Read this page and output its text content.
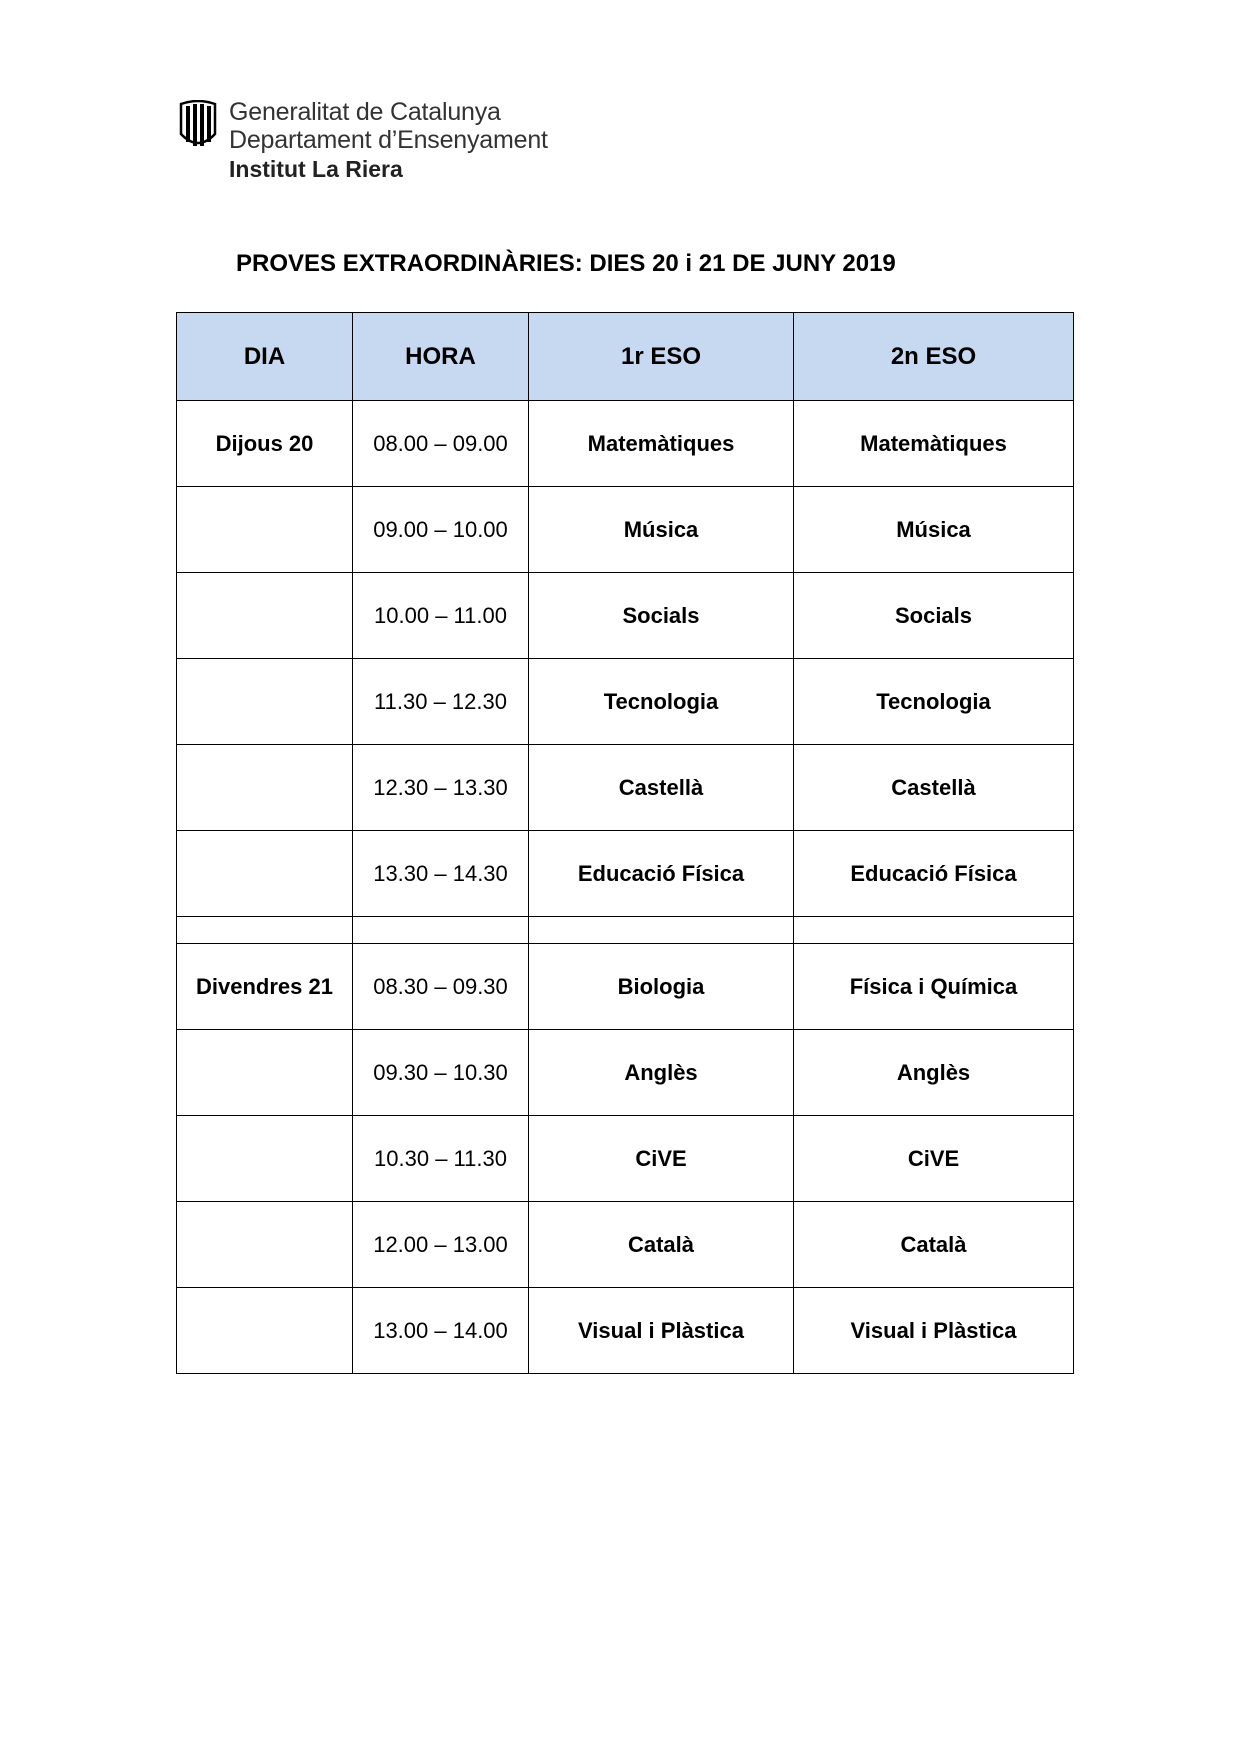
Generalitat de Catalunya
Departament d’Ensenyament
Institut La Riera
PROVES EXTRAORDINÀRIES: DIES 20 i 21 DE JUNY 2019
DIA	HORA	1r ESO	2n ESO
Dijous 20	08.00 – 09.00	Matemàtiques	Matemàtiques
	09.00 – 10.00	Música	Música
	10.00 – 11.00	Socials	Socials
	11.30 – 12.30	Tecnologia	Tecnologia
	12.30 – 13.30	Castellà	Castellà
	13.30 – 14.30	Educació Física	Educació Física

Divendres 21	08.30 – 09.30	Biologia	Física i Química
	09.30 – 10.30	Anglès	Anglès
	10.30 – 11.30	CiVE	CiVE
	12.00 – 13.00	Català	Català
	13.00 – 14.00	Visual i Plàstica	Visual i Plàstica
